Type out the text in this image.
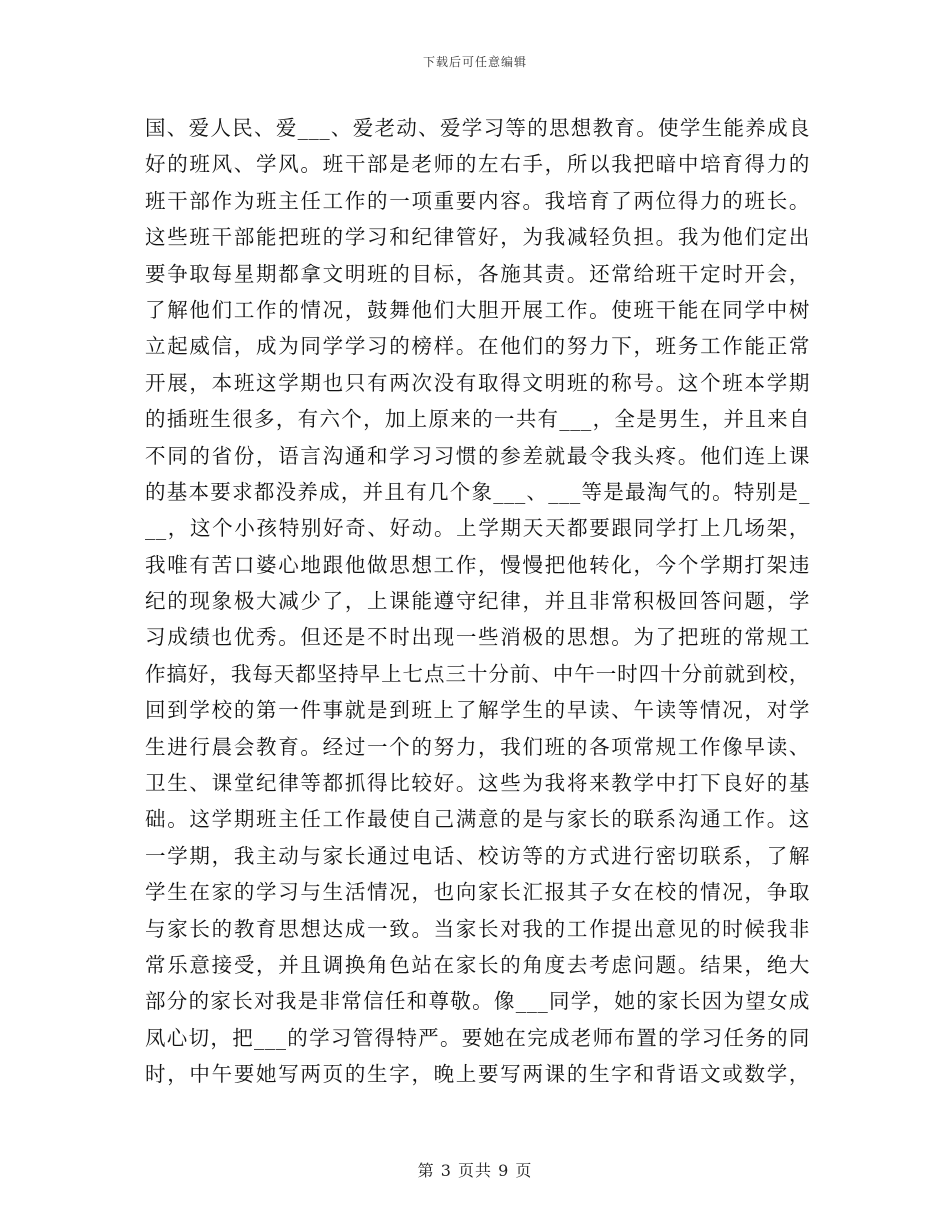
下载后可任意编辑
国、爱人民、爱___、爱老动、爱学习等的思想教育。使学生能养成良
好的班风、学风。班干部是老师的左右手，所以我把暗中培育得力的
班干部作为班主任工作的一项重要内容。我培育了两位得力的班长。
这些班干部能把班的学习和纪律管好，为我减轻负担。我为他们定出
要争取每星期都拿文明班的目标，各施其责。还常给班干定时开会，
了解他们工作的情况，鼓舞他们大胆开展工作。使班干能在同学中树
立起威信，成为同学学习的榜样。在他们的努力下，班务工作能正常
开展，本班这学期也只有两次没有取得文明班的称号。这个班本学期
的插班生很多，有六个，加上原来的一共有___，全是男生，并且来自
不同的省份，语言沟通和学习习惯的参差就最令我头疼。他们连上课
的基本要求都没养成，并且有几个象___、___等是最淘气的。特别是_
__，这个小孩特别好奇、好动。上学期天天都要跟同学打上几场架，
我唯有苦口婆心地跟他做思想工作，慢慢把他转化，今个学期打架违
纪的现象极大减少了，上课能遵守纪律，并且非常积极回答问题，学
习成绩也优秀。但还是不时出现一些消极的思想。为了把班的常规工
作搞好，我每天都坚持早上七点三十分前、中午一时四十分前就到校，
回到学校的第一件事就是到班上了解学生的早读、午读等情况，对学
生进行晨会教育。经过一个的努力，我们班的各项常规工作像早读、
卫生、课堂纪律等都抓得比较好。这些为我将来教学中打下良好的基
础。这学期班主任工作最使自己满意的是与家长的联系沟通工作。这
一学期，我主动与家长通过电话、校访等的方式进行密切联系，了解
学生在家的学习与生活情况，也向家长汇报其子女在校的情况，争取
与家长的教育思想达成一致。当家长对我的工作提出意见的时候我非
常乐意接受，并且调换角色站在家长的角度去考虑问题。结果，绝大
部分的家长对我是非常信任和尊敬。像___同学，她的家长因为望女成
凤心切，把___的学习管得特严。要她在完成老师布置的学习任务的同
时，中午要她写两页的生字，晚上要写两课的生字和背语文或数学，
第 3 页共 9 页
